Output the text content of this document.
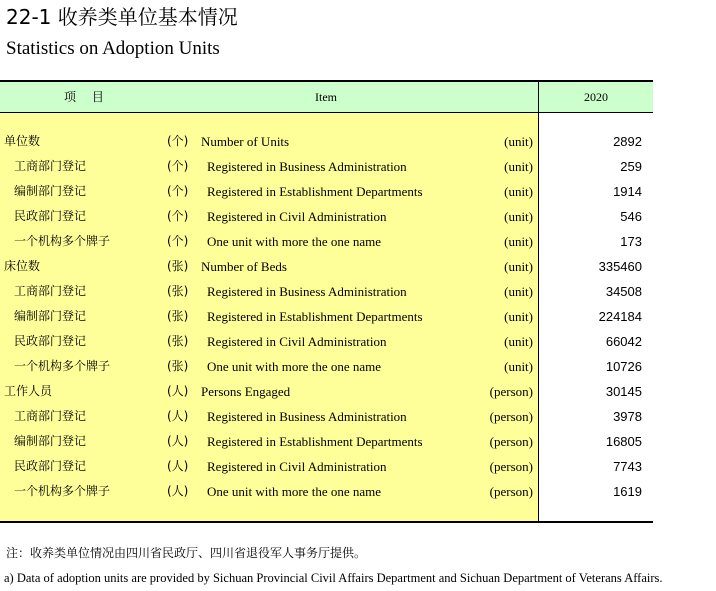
22-1 收养类单位基本情况
Statistics on Adoption Units
项 目	Item	2020
单位数	(个) Number of Units	(unit)	2892
工商部门登记	(个) Registered in Business Administration	(unit)	259
编制部门登记	(个) Registered in Establishment Departments	(unit)	1914
民政部门登记	(个) Registered in Civil Administration	(unit)	546
一个机构多个牌子	(个) One unit with more the one name	(unit)	173
床位数	(张) Number of Beds	(unit)	335460
工商部门登记	(张) Registered in Business Administration	(unit)	34508
编制部门登记	(张) Registered in Establishment Departments	(unit)	224184
民政部门登记	(张) Registered in Civil Administration	(unit)	66042
一个机构多个牌子	(张) One unit with more the one name	(unit)	10726
工作人员	(人) Persons Engaged	(person)	30145
工商部门登记	(人) Registered in Business Administration	(person)	3978
编制部门登记	(人) Registered in Establishment Departments	(person)	16805
民政部门登记	(人) Registered in Civil Administration	(person)	7743
一个机构多个牌子	(人) One unit with more the one name	(person)	1619
注：收养类单位情况由四川省民政厅、四川省退役军人事务厅提供。
a) Data of adoption units are provided by Sichuan Provincial Civil Affairs Department and Sichuan Department of Veterans Affairs.
